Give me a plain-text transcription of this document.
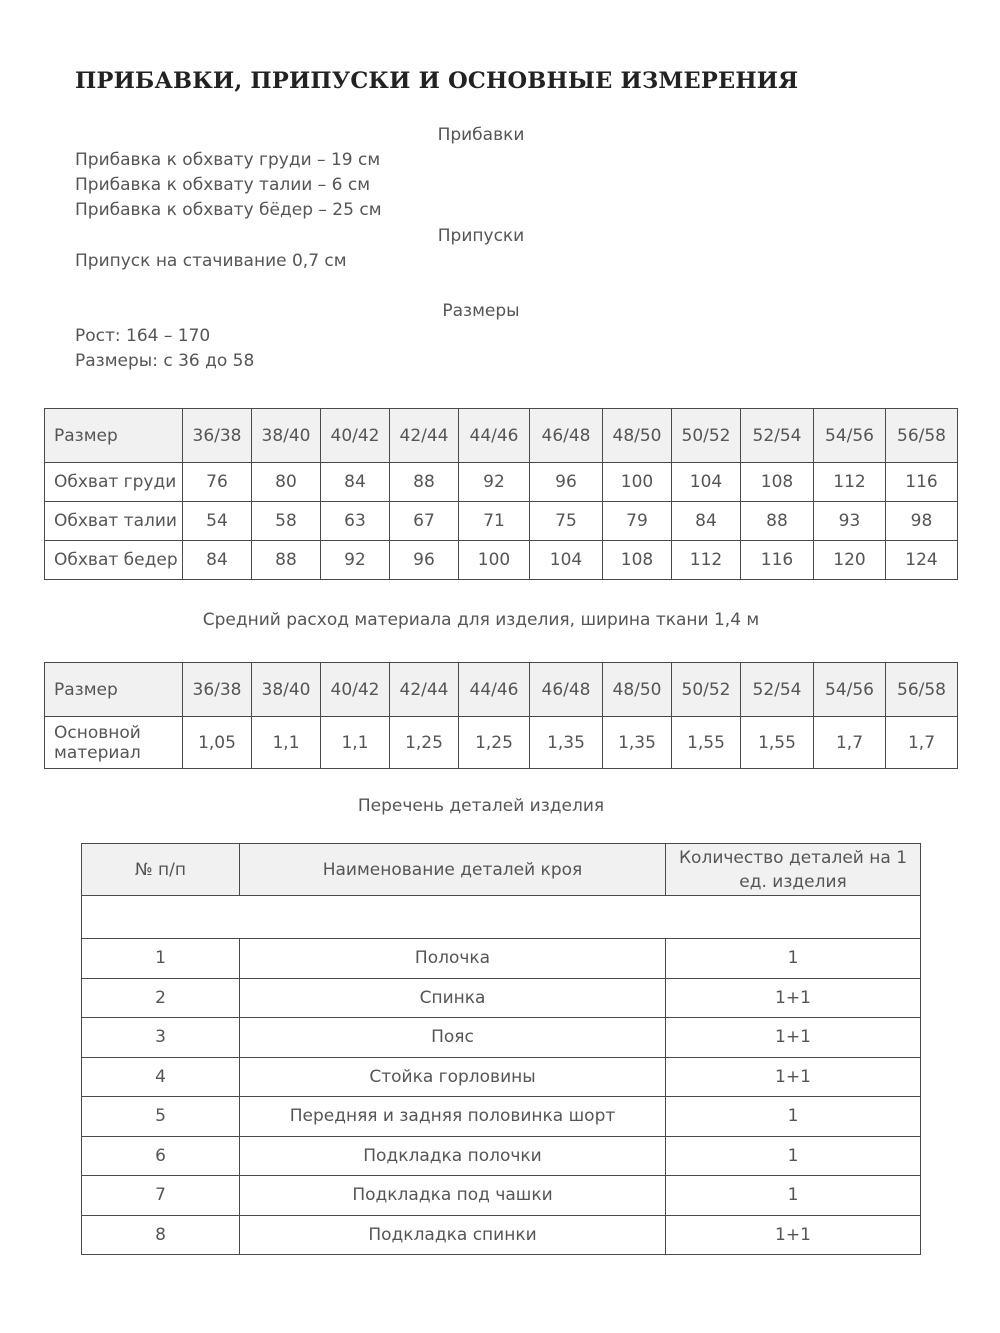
ПРИБАВКИ, ПРИПУСКИ И ОСНОВНЫЕ ИЗМЕРЕНИЯ
Прибавки
Прибавка к обхвату груди – 19 см
Прибавка к обхвату талии – 6 см
Прибавка к обхвату бёдер – 25 см
Припуски
Припуск на стачивание 0,7 см
Размеры
Рост: 164 – 170
Размеры: с 36 до 58
Размер	36/38	38/40	40/42	42/44	44/46	46/48	48/50	50/52	52/54	54/56	56/58
Обхват груди	76	80	84	88	92	96	100	104	108	112	116
Обхват талии	54	58	63	67	71	75	79	84	88	93	98
Обхват бедер	84	88	92	96	100	104	108	112	116	120	124
Средний расход материала для изделия, ширина ткани 1,4 м
Размер	36/38	38/40	40/42	42/44	44/46	46/48	48/50	50/52	52/54	54/56	56/58
Основной
материал	1,05	1,1	1,1	1,25	1,25	1,35	1,35	1,55	1,55	1,7	1,7
Перечень деталей изделия
№ п/п	Наименование деталей кроя	Количество деталей на 1
ед. изделия

1	Полочка	1
2	Спинка	1+1
3	Пояс	1+1
4	Стойка горловины	1+1
5	Передняя и задняя половинка шорт	1
6	Подкладка полочки	1
7	Подкладка под чашки	1
8	Подкладка спинки	1+1
